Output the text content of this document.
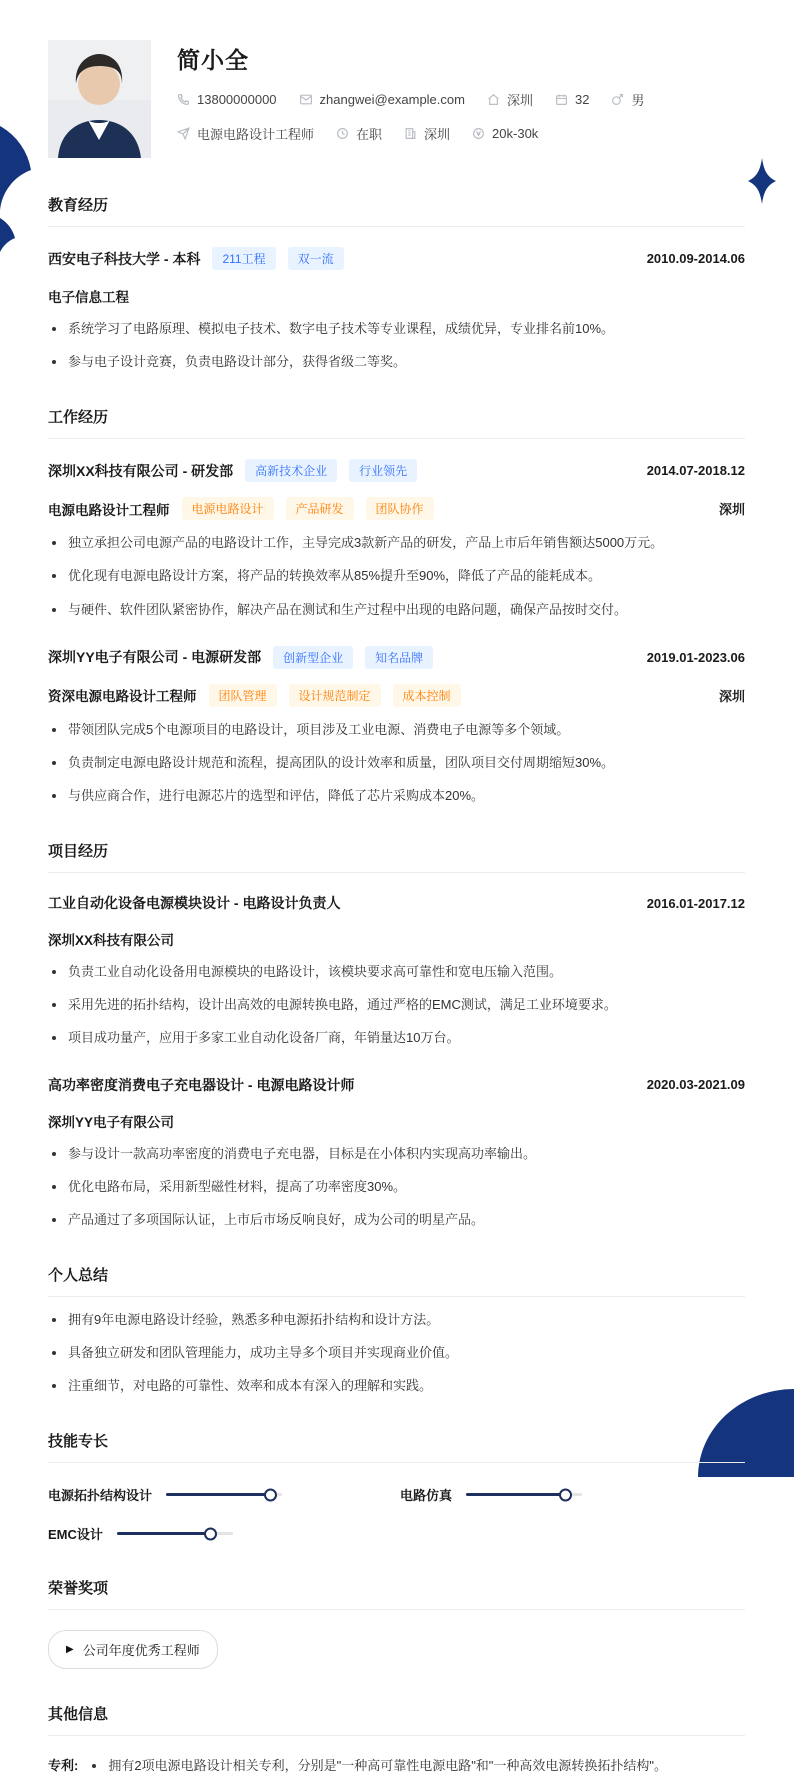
简小全
13800000000	zhangwei@example.com	深圳	32	男
电源电路设计工程师	在职	深圳	20k-30k
教育经历
西安电子科技大学 - 本科	211工程	双一流	2010.09-2014.06
电子信息工程
系统学习了电路原理、模拟电子技术、数字电子技术等专业课程，成绩优异，专业排名前10%。
参与电子设计竞赛，负责电路设计部分，获得省级二等奖。
工作经历
深圳XX科技有限公司 - 研发部	高新技术企业	行业领先	2014.07-2018.12
电源电路设计工程师	电源电路设计	产品研发	团队协作	深圳
独立承担公司电源产品的电路设计工作，主导完成3款新产品的研发，产品上市后年销售额达5000万元。
优化现有电源电路设计方案，将产品的转换效率从85%提升至90%，降低了产品的能耗成本。
与硬件、软件团队紧密协作，解决产品在测试和生产过程中出现的电路问题，确保产品按时交付。
深圳YY电子有限公司 - 电源研发部	创新型企业	知名品牌	2019.01-2023.06
资深电源电路设计工程师	团队管理	设计规范制定	成本控制	深圳
带领团队完成5个电源项目的电路设计，项目涉及工业电源、消费电子电源等多个领域。
负责制定电源电路设计规范和流程，提高团队的设计效率和质量，团队项目交付周期缩短30%。
与供应商合作，进行电源芯片的选型和评估，降低了芯片采购成本20%。
项目经历
工业自动化设备电源模块设计 - 电路设计负责人	2016.01-2017.12
深圳XX科技有限公司
负责工业自动化设备用电源模块的电路设计，该模块要求高可靠性和宽电压输入范围。
采用先进的拓扑结构，设计出高效的电源转换电路，通过严格的EMC测试，满足工业环境要求。
项目成功量产，应用于多家工业自动化设备厂商，年销量达10万台。
高功率密度消费电子充电器设计 - 电源电路设计师	2020.03-2021.09
深圳YY电子有限公司
参与设计一款高功率密度的消费电子充电器，目标是在小体积内实现高功率输出。
优化电路布局，采用新型磁性材料，提高了功率密度30%。
产品通过了多项国际认证，上市后市场反响良好，成为公司的明星产品。
个人总结
拥有9年电源电路设计经验，熟悉多种电源拓扑结构和设计方法。
具备独立研发和团队管理能力，成功主导多个项目并实现商业价值。
注重细节，对电路的可靠性、效率和成本有深入的理解和实践。
技能专长
电源拓扑结构设计	电路仿真
EMC设计
荣誉奖项
▶ 公司年度优秀工程师
其他信息
专利: 拥有2项电源电路设计相关专利，分别是"一种高可靠性电源电路"和"一种高效电源转换拓扑结构"。
